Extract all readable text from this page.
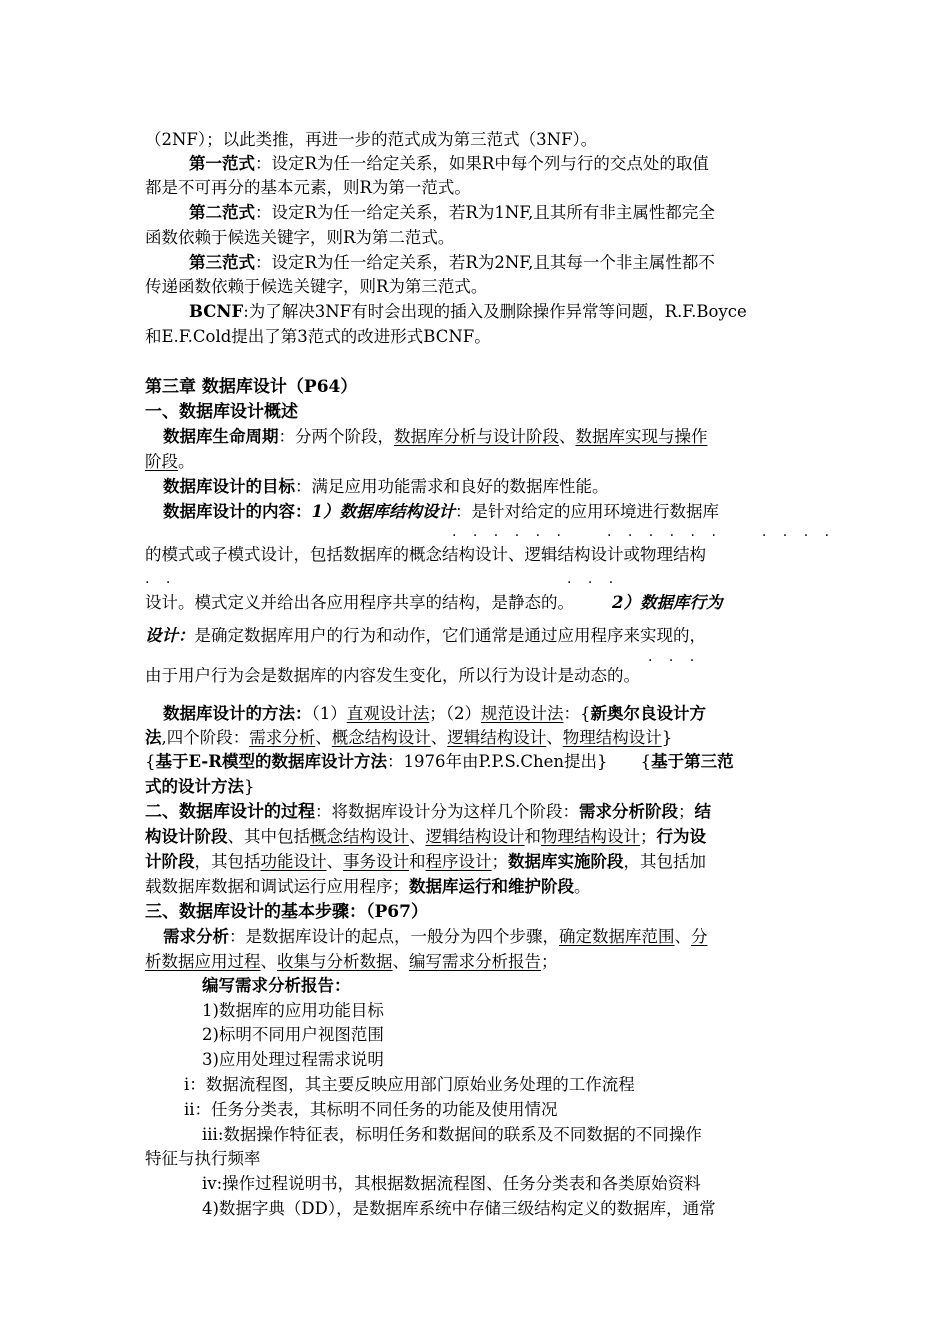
（2NF）；以此类推，再进一步的范式成为第三范式（3NF）。
第一范式：设定R为任一给定关系，如果R中每个列与行的交点处的取值
都是不可再分的基本元素，则R为第一范式。
第二范式：设定R为任一给定关系，若R为1NF,且其所有非主属性都完全
函数依赖于候选关键字，则R为第二范式。
第三范式：设定R为任一给定关系，若R为2NF,且其每一个非主属性都不
传递函数依赖于候选关键字，则R为第三范式。
BCNF:为了解决3NF有时会出现的插入及删除操作异常等问题，R.F.Boyce
和E.F.Cold提出了第3范式的改进形式BCNF。
第三章 数据库设计（P64）
一、数据库设计概述
数据库生命周期：分两个阶段，数据库分析与设计阶段、数据库实现与操作
阶段。
数据库设计的目标：满足应用功能需求和良好的数据库性能。
数据库设计的内容：1）数据库结构设计：是针对给定的应用环境进行数据库
· · · · · ·　　· · · · · ·　　· · · ·
的模式或子模式设计，包括数据库的概念结构设计、逻辑结构设计或物理结构
· ·	· · ·
设计。模式定义并给出各应用程序共享的结构，是静态的。 2）数据库行为
设计：是确定数据库用户的行为和动作，它们通常是通过应用程序来实现的，
· · ·
由于用户行为会是数据库的内容发生变化，所以行为设计是动态的。
数据库设计的方法：（1）直观设计法；（2）规范设计法：{新奥尔良设计方
法,四个阶段：需求分析、概念结构设计、逻辑结构设计、物理结构设计}
{基于E-R模型的数据库设计方法：1976年由P.P.S.Chen提出}　　{基于第三范
式的设计方法}
二、数据库设计的过程：将数据库设计分为这样几个阶段：需求分析阶段；结
构设计阶段、其中包括概念结构设计、逻辑结构设计和物理结构设计；行为设
计阶段，其包括功能设计、事务设计和程序设计；数据库实施阶段，其包括加
载数据库数据和调试运行应用程序；数据库运行和维护阶段。
三、数据库设计的基本步骤：（P67）
需求分析：是数据库设计的起点，一般分为四个步骤，确定数据库范围、分
析数据应用过程、收集与分析数据、编写需求分析报告；
编写需求分析报告：
1)数据库的应用功能目标
2)标明不同用户视图范围
3)应用处理过程需求说明
i：数据流程图，其主要反映应用部门原始业务处理的工作流程
ii：任务分类表，其标明不同任务的功能及使用情况
iii:数据操作特征表，标明任务和数据间的联系及不同数据的不同操作
特征与执行频率
iv:操作过程说明书，其根据数据流程图、任务分类表和各类原始资料
4)数据字典（DD），是数据库系统中存储三级结构定义的数据库，通常
